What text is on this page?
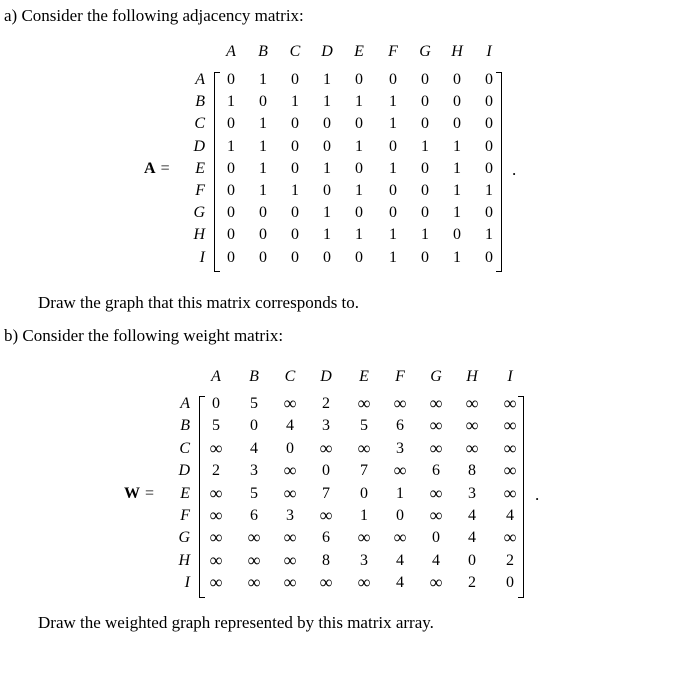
a) Consider the following adjacency matrix:
Draw the graph that this matrix corresponds to.
b) Consider the following weight matrix:
Draw the weighted graph represented by this matrix array.
A	B	C	D	E	F	G	H	I
A
B
C
D
E
F
G
H
I
0	1	0	1	0	0	0	0	0
1	0	1	1	1	1	0	0	0
0	1	0	0	0	1	0	0	0
1	1	0	0	1	0	1	1	0
0	1	0	1	0	1	0	1	0
0	1	1	0	1	0	0	1	1
0	0	0	1	0	0	0	1	0
0	0	0	1	1	1	1	0	1
0	0	0	0	0	1	0	1	0
A =	.
A	B	C	D	E	F	G	H	I
A
B
C
D
E
F
G
H
I
0	5	∞	2	∞	∞	∞	∞	∞
5	0	4	3	5	6	∞	∞	∞
∞	4	0	∞	∞	3	∞	∞	∞
2	3	∞	0	7	∞	6	8	∞
∞	5	∞	7	0	1	∞	3	∞
∞	6	3	∞	1	0	∞	4	4
∞	∞	∞	6	∞	∞	0	4	∞
∞	∞	∞	8	3	4	4	0	2
∞	∞	∞	∞	∞	4	∞	2	0
W =	.
